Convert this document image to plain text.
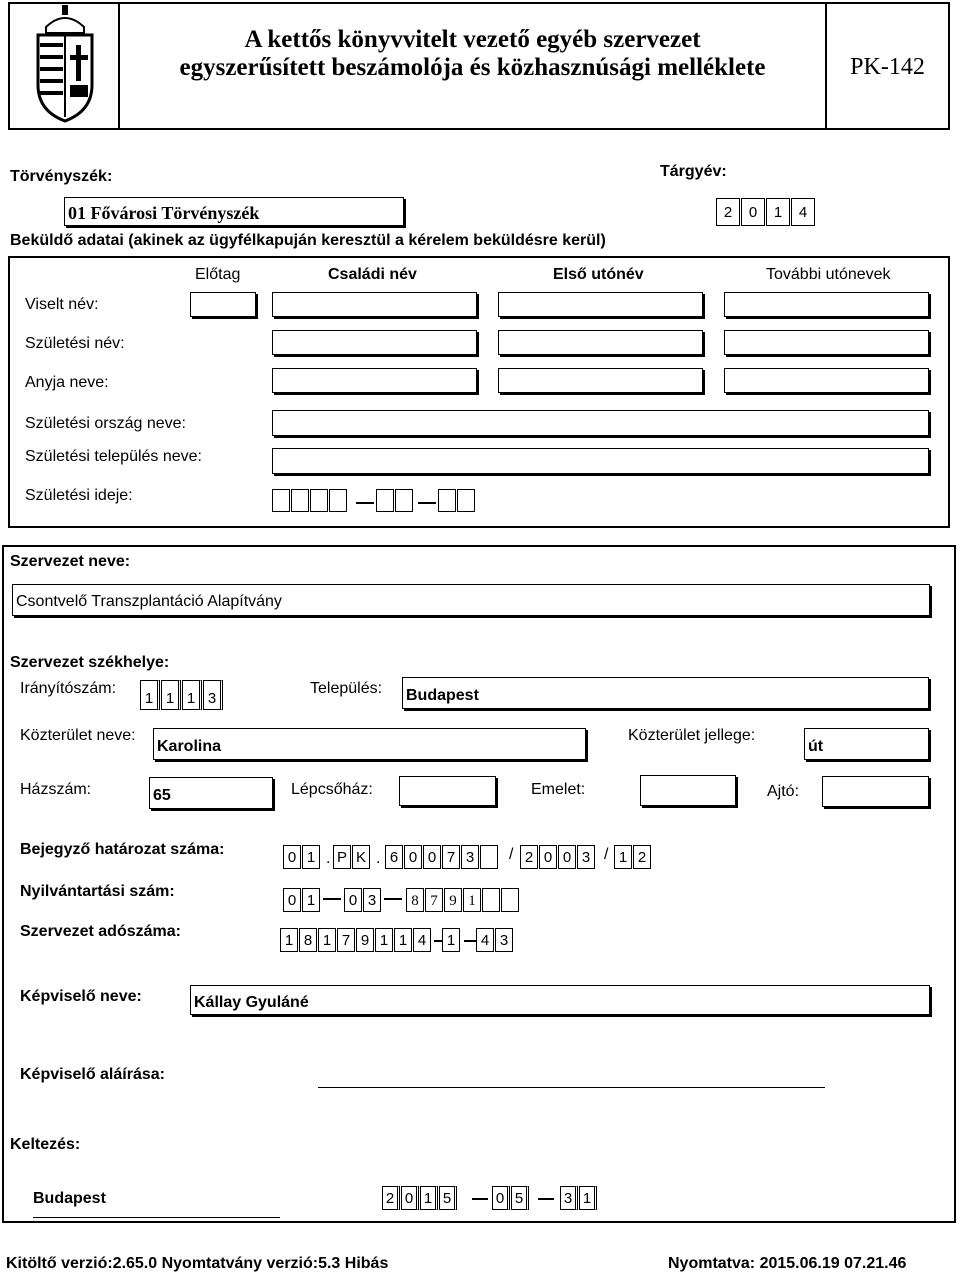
A kettős könyvvitelt vezető egyéb szervezet
egyszerűsített beszámolója és közhasznúsági melléklete	PK-142
Törvényszék:	Tárgyév:
01 Fővárosi Törvényszék	2	0	1	4
Beküldő adatai (akinek az ügyfélkapuján keresztül a kérelem beküldésre kerül)
Előtag	Családi név	Első utónév	További utónevek
Viselt név:
Születési név:
Anyja neve:
Születési ország neve:
Születési település neve:
Születési ideje:
Szervezet neve:
Csontvelő Transzplantáció Alapítvány
Szervezet székhelye:
Irányítószám:
1 1 1 3
Település: Budapest
Közterület neve:
Karolina
Közterület jellege:
út
Házszám:	65	Lépcsőház:	Emelet:	Ajtó:
Bejegyző határozat száma:	0 1 . P K . 6 0 0 7 3	/ 2 0 0 3 / 1 2
Nyilvántartási szám:
0 1	0 3	8 7 9 1
Szervezet adószáma:
1 8 1 7 9 1 1 4	1	4 3
Képviselő neve:	Kállay Gyuláné
Képviselő aláírása:
Keltezés:
Budapest	2 0 1 5	0 5	3 1
Kitöltő verzió:2.65.0 Nyomtatvány verzió:5.3 Hibás	Nyomtatva: 2015.06.19 07.21.46
